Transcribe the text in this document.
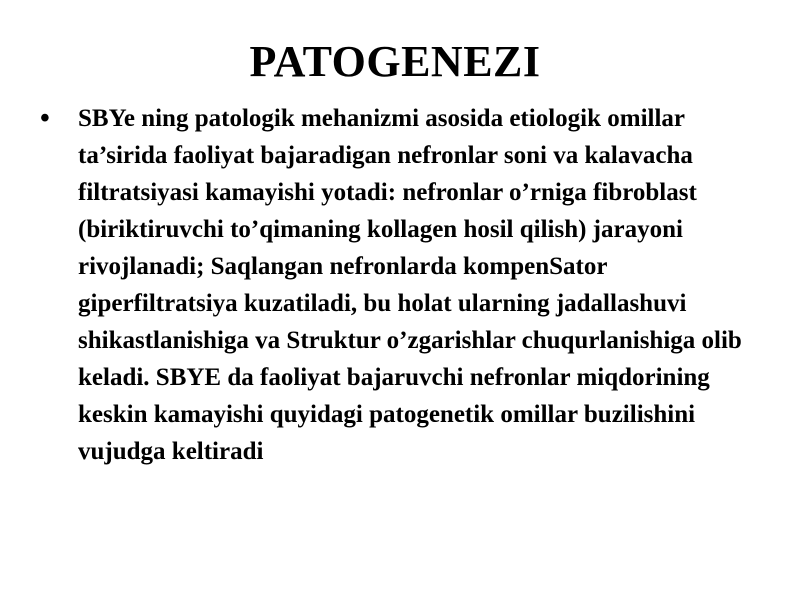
PATOGENEZI
•	SBYe ning patologik mehanizmi asosida etiologik omillar ta’sirida faoliyat bajaradigan nefronlar soni va kalavacha filtratsiyasi kamayishi yotadi: nefronlar o’rniga fibroblast (biriktiruvchi to’qimaning kollagen hosil qilish) jarayoni rivojlanadi; Saqlangan nefronlarda kompenSator giperfiltratsiya kuzatiladi, bu holat ularning jadallashuvi shikastlanishiga va Struktur o’zgarishlar chuqurlanishiga olib keladi. SBYE da faoliyat bajaruvchi nefronlar miqdorining keskin kamayishi quyidagi patogenetik omillar buzilishini vujudga keltiradi
